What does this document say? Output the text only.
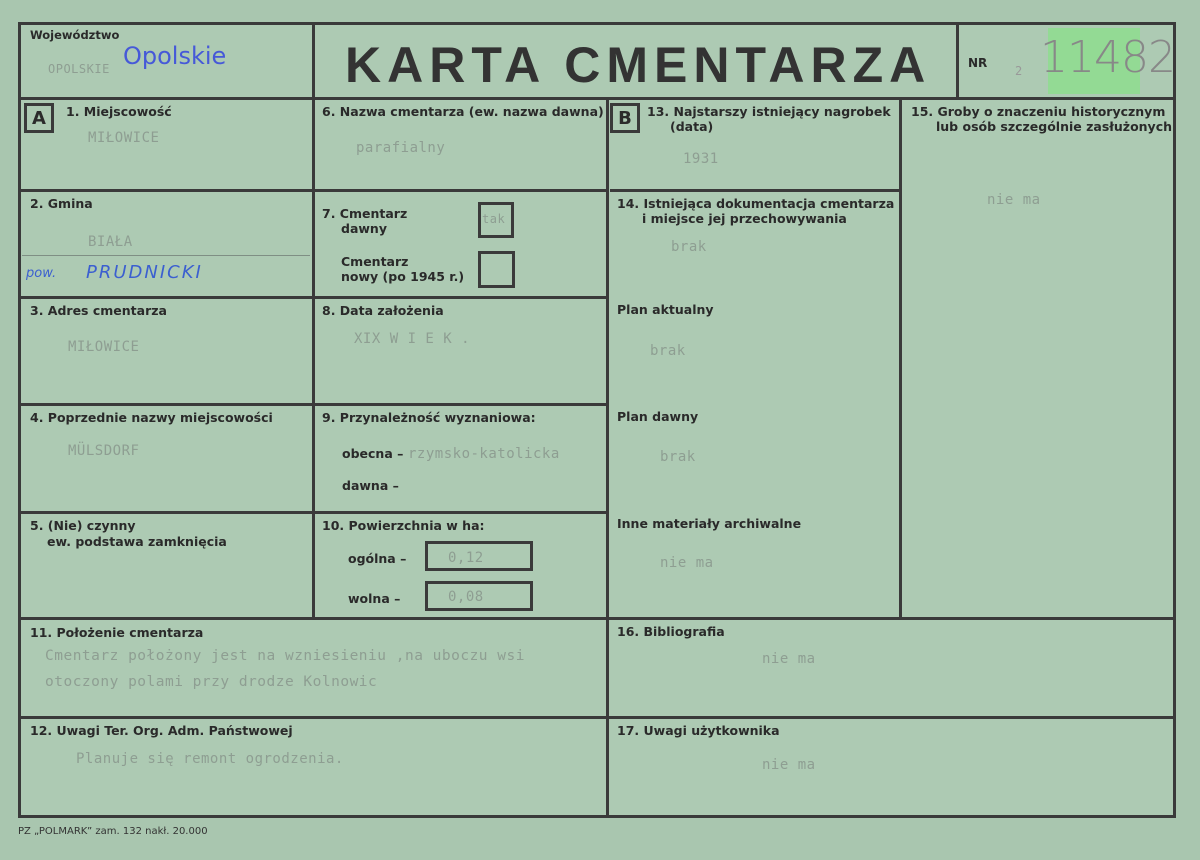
Województwo
OPOLSKIE Opolskie KARTA CMENTARZA	NR
2 11482
A	1. Miejscowość
MIŁOWICE
2. Gmina
BIAŁA
pow. PRUDNICKI
3. Adres cmentarza
MIŁOWICE
4. Poprzednie nazwy miejscowości
MÜLSDORF
5. (Nie) czynny
ew. podstawa zamknięcia
6. Nazwa cmentarza (ew. nazwa dawna)
parafialny
7. Cmentarz
dawny
tak
Cmentarz
nowy (po 1945 r.)
8. Data założenia
XIX W I E K .
9. Przynależność wyznaniowa:
obecna – rzymsko-katolicka
dawna –
10. Powierzchnia w ha:
ogólna –	0,12
wolna –	0,08
B	13. Najstarszy istniejący nagrobek
(data)
1931
14. Istniejąca dokumentacja cmentarza
i miejsce jej przechowywania
brak
Plan aktualny
brak
Plan dawny
brak
Inne materiały archiwalne
nie ma
15. Groby o znaczeniu historycznym
lub osób szczególnie zasłużonych
nie ma
11. Położenie cmentarza
Cmentarz położony jest na wzniesieniu ,na uboczu wsi
otoczony polami przy drodze Kolnowic
12. Uwagi Ter. Org. Adm. Państwowej
Planuje się remont ogrodzenia.
16. Bibliografia
nie ma
17. Uwagi użytkownika
nie ma
PZ „POLMARK” zam. 132 nakł. 20.000
